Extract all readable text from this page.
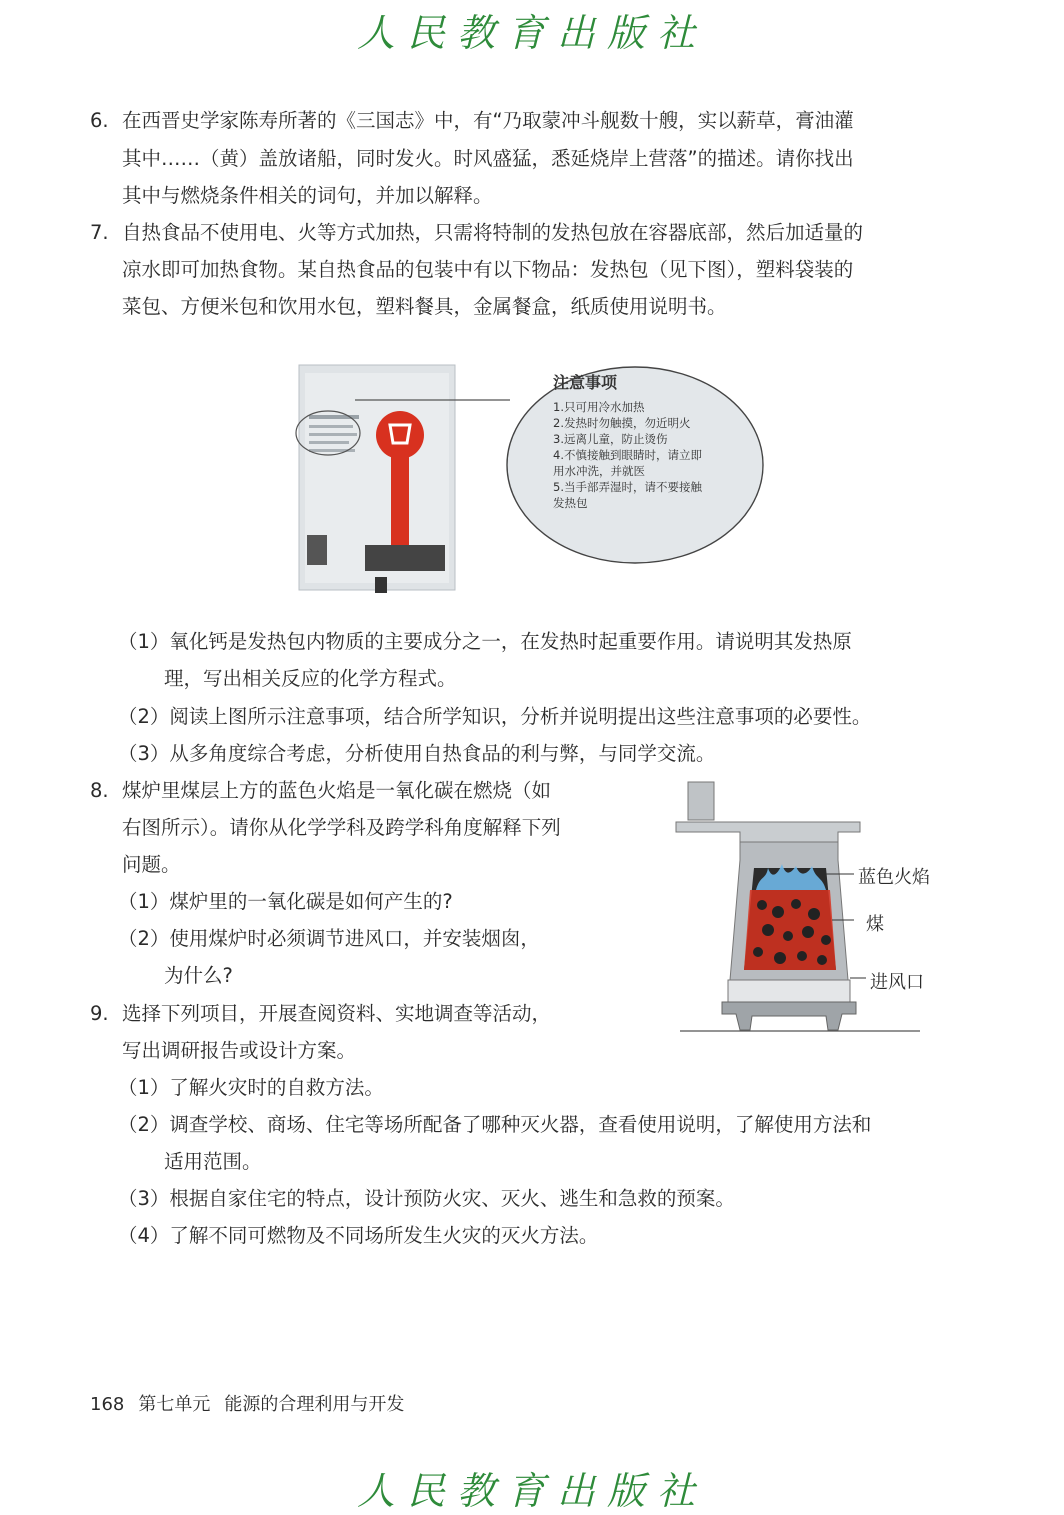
人民教育出版社
6. 在西晋史学家陈寿所著的《三国志》中，有“乃取蒙冲斗舰数十艘，实以薪草，膏油灌
其中……（黄）盖放诸船，同时发火。时风盛猛，悉延烧岸上营落”的描述。请你找出
其中与燃烧条件相关的词句，并加以解释。
7. 自热食品不使用电、火等方式加热，只需将特制的发热包放在容器底部，然后加适量的
凉水即可加热食物。某自热食品的包装中有以下物品：发热包（见下图），塑料袋装的
菜包、方便米包和饮用水包，塑料餐具，金属餐盒，纸质使用说明书。
注意事项
1.只可用冷水加热
2.发热时勿触摸，勿近明火
3.远离儿童，防止烫伤
4.不慎接触到眼睛时，请立即
用水冲洗，并就医
5.当手部弄湿时，请不要接触
发热包
（1）氧化钙是发热包内物质的主要成分之一，在发热时起重要作用。请说明其发热原
理，写出相关反应的化学方程式。
（2）阅读上图所示注意事项，结合所学知识，分析并说明提出这些注意事项的必要性。
（3）从多角度综合考虑，分析使用自热食品的利与弊，与同学交流。
8. 煤炉里煤层上方的蓝色火焰是一氧化碳在燃烧（如
右图所示）。请你从化学学科及跨学科角度解释下列
问题。
（1）煤炉里的一氧化碳是如何产生的?
（2）使用煤炉时必须调节进风口，并安装烟囱，
为什么?
蓝色火焰
煤
进风口
9. 选择下列项目，开展查阅资料、实地调查等活动，
写出调研报告或设计方案。
（1）了解火灾时的自救方法。
（2）调查学校、商场、住宅等场所配备了哪种灭火器，查看使用说明，了解使用方法和
适用范围。
（3）根据自家住宅的特点，设计预防火灾、灭火、逃生和急救的预案。
（4）了解不同可燃物及不同场所发生火灾的灭火方法。
168 第七单元 能源的合理利用与开发
人民教育出版社
